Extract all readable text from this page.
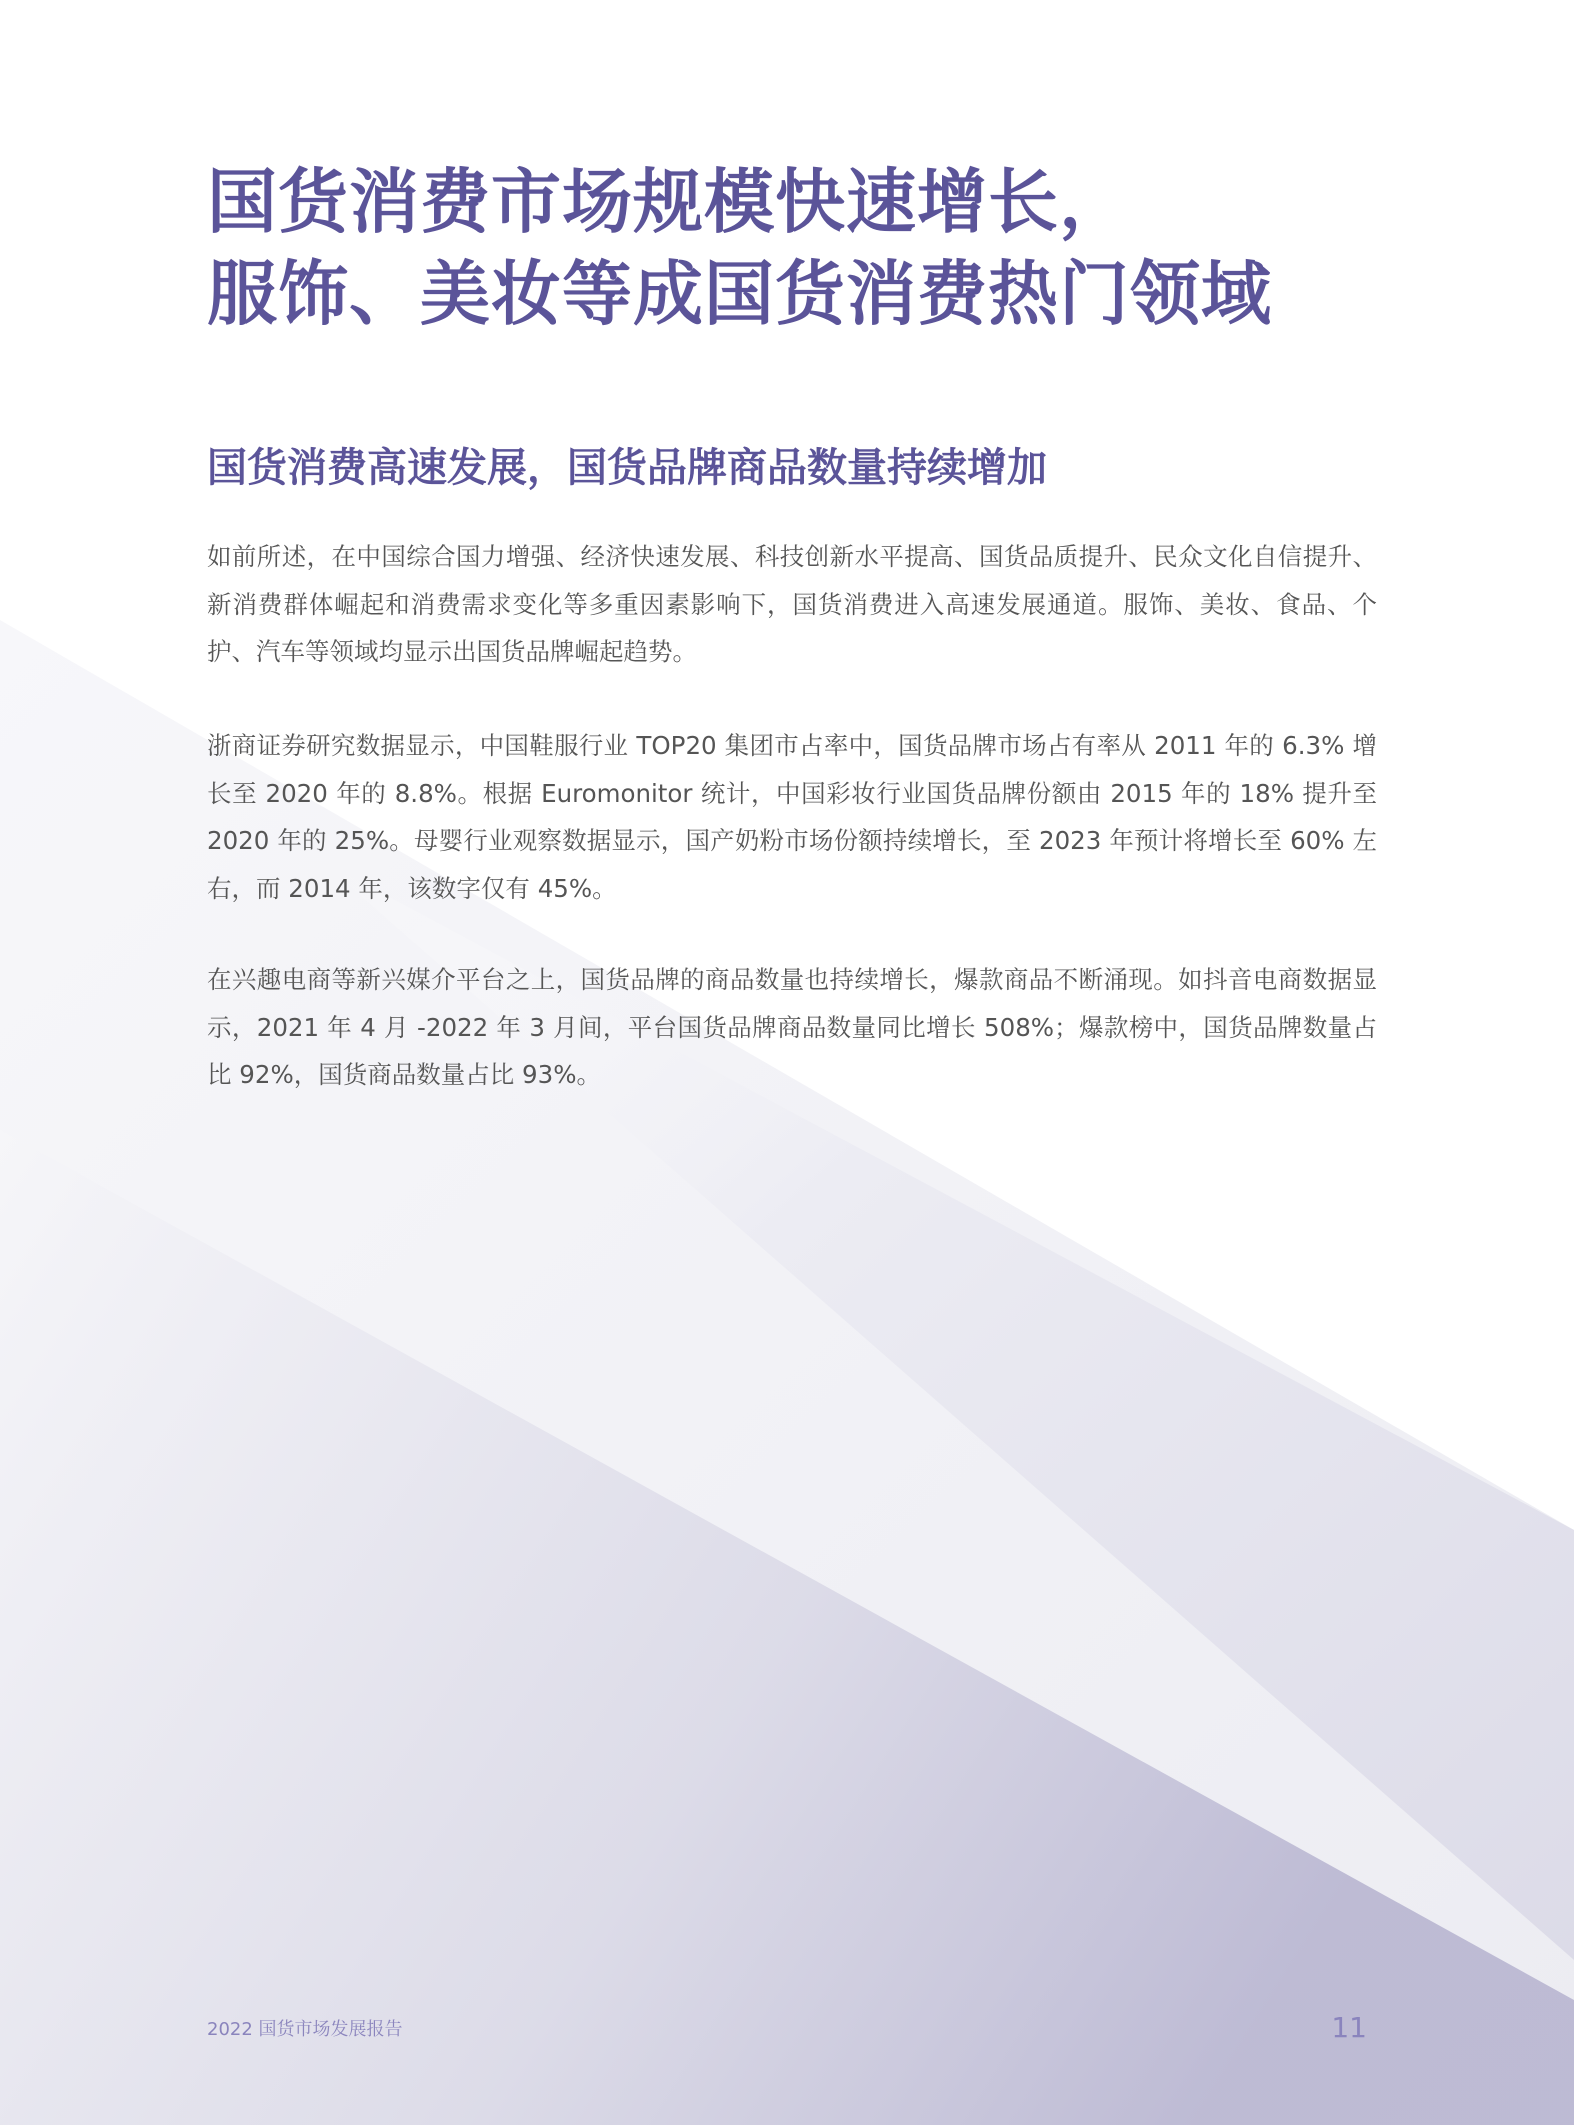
国货消费市场规模快速增长，
服饰、美妆等成国货消费热门领域
国货消费高速发展，国货品牌商品数量持续增加

如前所述，在中国综合国力增强、经济快速发展、科技创新水平提高、国货品质提升、民众文化自信提升、新消费群体崛起和消费需求变化等多重因素影响下，国货消费进入高速发展通道。服饰、美妆、食品、个护、汽车等领域均显示出国货品牌崛起趋势。

浙商证券研究数据显示，中国鞋服行业 TOP20 集团市占率中，国货品牌市场占有率从 2011 年的 6.3% 增长至 2020 年的 8.8%。根据 Euromonitor 统计，中国彩妆行业国货品牌份额由 2015 年的 18% 提升至 2020 年的 25%。母婴行业观察数据显示，国产奶粉市场份额持续增长，至 2023 年预计将增长至 60% 左右，而 2014 年，该数字仅有 45%。

在兴趣电商等新兴媒介平台之上，国货品牌的商品数量也持续增长，爆款商品不断涌现。如抖音电商数据显示，2021 年 4 月 -2022 年 3 月间，平台国货品牌商品数量同比增长 508%；爆款榜中，国货品牌数量占比 92%，国货商品数量占比 93%。

2022 国货市场发展报告	11
